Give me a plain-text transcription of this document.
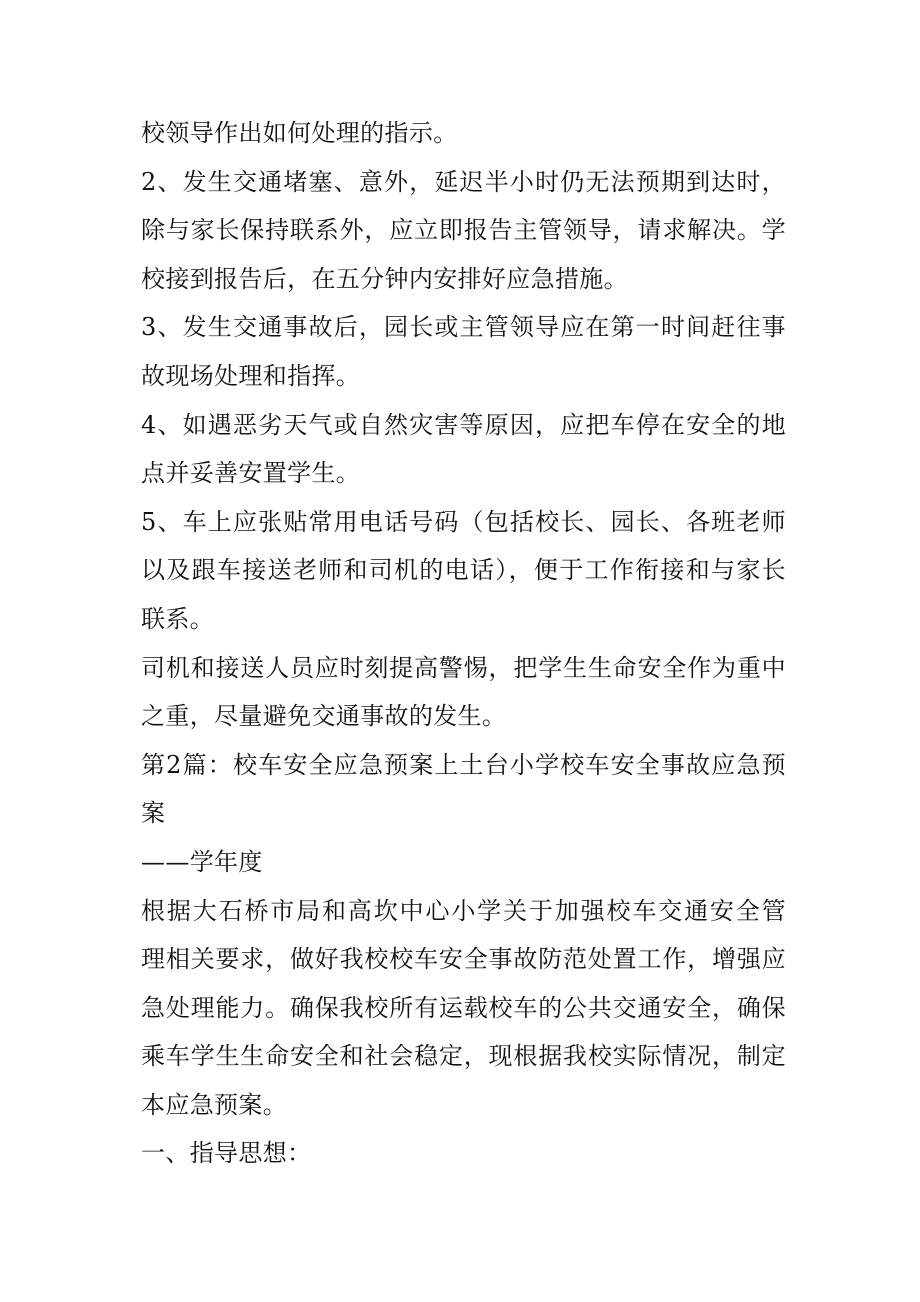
校领导作出如何处理的指示。
2、发生交通堵塞、意外，延迟半小时仍无法预期到达时，
除与家长保持联系外，应立即报告主管领导，请求解决。学
校接到报告后，在五分钟内安排好应急措施。
3、发生交通事故后，园长或主管领导应在第一时间赶往事
故现场处理和指挥。
4、如遇恶劣天气或自然灾害等原因，应把车停在安全的地
点并妥善安置学生。
5、车上应张贴常用电话号码（包括校长、园长、各班老师
以及跟车接送老师和司机的电话），便于工作衔接和与家长
联系。
司机和接送人员应时刻提高警惕，把学生生命安全作为重中
之重，尽量避免交通事故的发生。
第2篇：校车安全应急预案上土台小学校车安全事故应急预
案
——学年度
根据大石桥市局和高坎中心小学关于加强校车交通安全管
理相关要求，做好我校校车安全事故防范处置工作，增强应
急处理能力。确保我校所有运载校车的公共交通安全，确保
乘车学生生命安全和社会稳定，现根据我校实际情况，制定
本应急预案。
一、指导思想：
